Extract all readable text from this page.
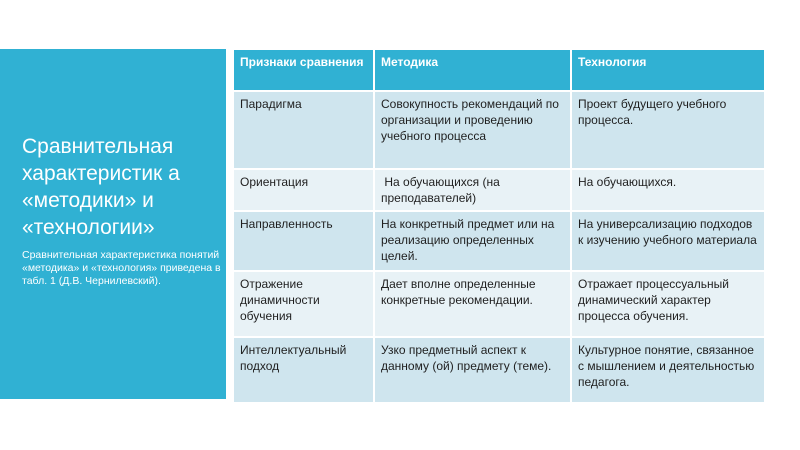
Сравнительная характеристик а «методики» и «технологии»

Сравнительная характеристика понятий «методика» и «технология» приведена в табл. 1 (Д.В. Чернилевский).

Признаки сравнения	Методика	Технология
Парадигма	Совокупность рекомендаций по организации и проведению учебного процесса	Проект будущего учебного процесса.
Ориентация	На обучающихся (на преподавателей)	На обучающихся.
Направленность	На конкретный предмет или на реализацию определенных целей.	На универсализацию подходов к изучению учебного материала
Отражение динамичности обучения	Дает вполне определенные конкретные рекомендации.	Отражает процессуальный динамический характер процесса обучения.
Интеллектуальный подход	Узко предметный аспект к данному (ой) предмету (теме).	Культурное понятие, связанное с мышлением и деятельностью педагога.
